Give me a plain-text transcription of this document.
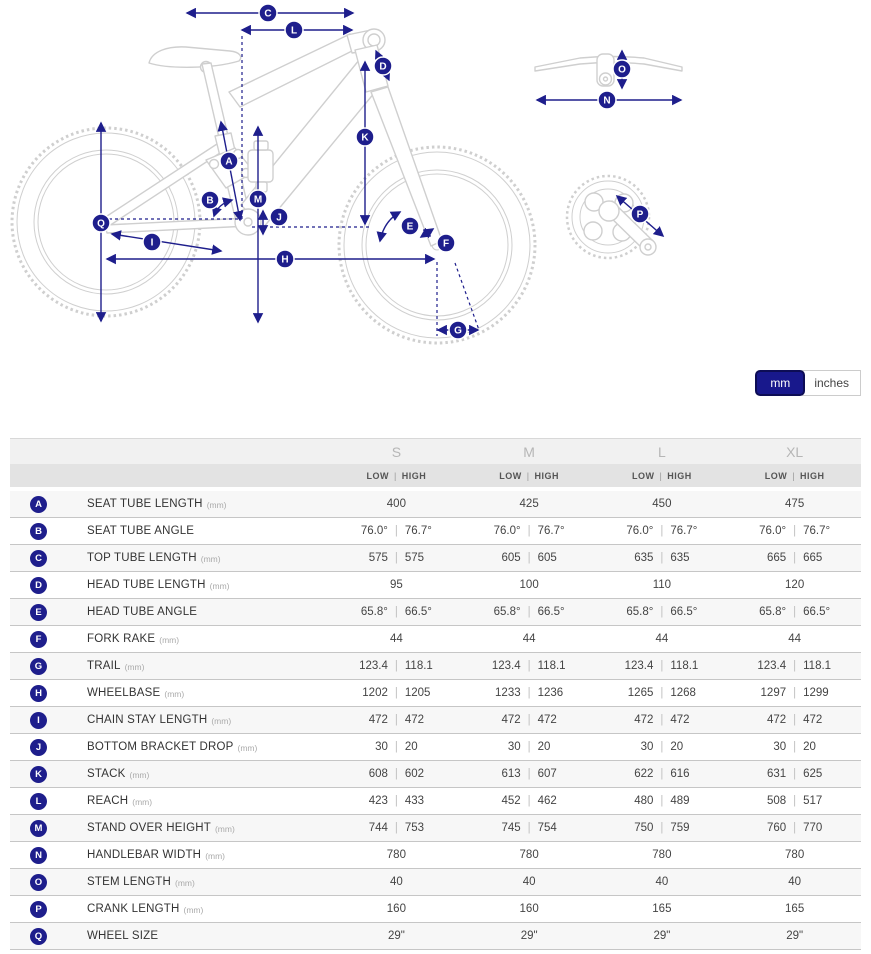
C
L
D
K
A
B	M
J
Q
I
H
E
F
G
O
N
P
mm	inches
S	M	L	XL
LOW | HIGH	LOW | HIGH	LOW | HIGH	LOW | HIGH
A	SEAT TUBE LENGTH (mm)	400	425	450	475
B	SEAT TUBE ANGLE	76.0° | 76.7°	76.0° | 76.7°	76.0° | 76.7°	76.0° | 76.7°
C	TOP TUBE LENGTH (mm)	575 | 575	605 | 605	635 | 635	665 | 665
D	HEAD TUBE LENGTH (mm)	95	100	110	120
E	HEAD TUBE ANGLE	65.8° | 66.5°	65.8° | 66.5°	65.8° | 66.5°	65.8° | 66.5°
F	FORK RAKE (mm)	44	44	44	44
G	TRAIL (mm)	123.4 | 118.1	123.4 | 118.1	123.4 | 118.1	123.4 | 118.1
H	WHEELBASE (mm)	1202 | 1205	1233 | 1236	1265 | 1268	1297 | 1299
I	CHAIN STAY LENGTH (mm)	472 | 472	472 | 472	472 | 472	472 | 472
J	BOTTOM BRACKET DROP (mm)	30 | 20	30 | 20	30 | 20	30 | 20
K	STACK (mm)	608 | 602	613 | 607	622 | 616	631 | 625
L	REACH (mm)	423 | 433	452 | 462	480 | 489	508 | 517
M	STAND OVER HEIGHT (mm)	744 | 753	745 | 754	750 | 759	760 | 770
N	HANDLEBAR WIDTH (mm)	780	780	780	780
O	STEM LENGTH (mm)	40	40	40	40
P	CRANK LENGTH (mm)	160	160	165	165
Q	WHEEL SIZE	29"	29"	29"	29"
